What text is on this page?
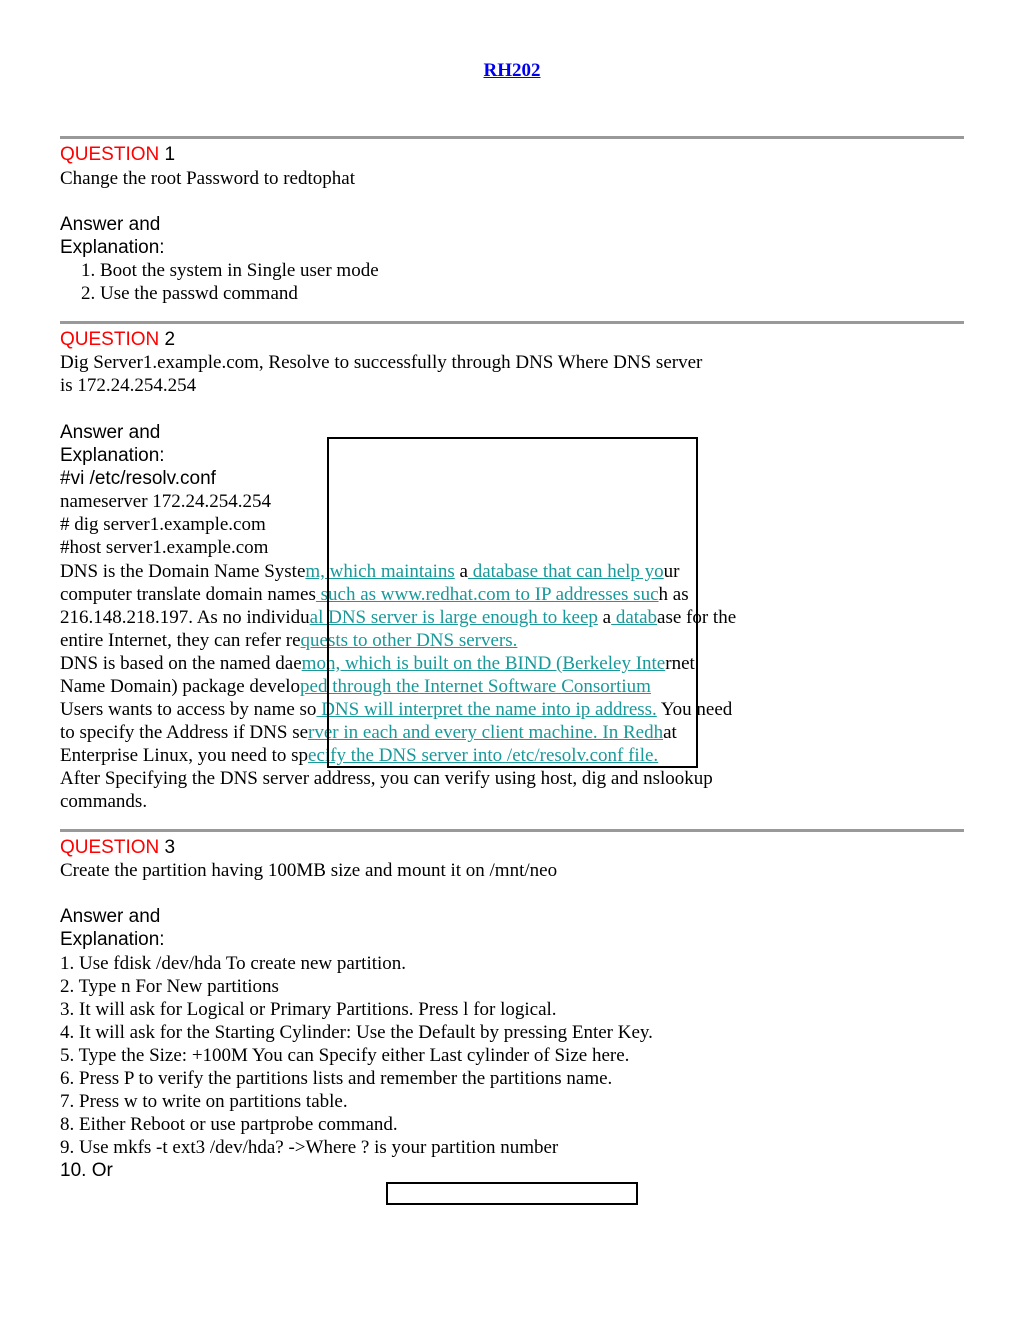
RH202
QUESTION 1
Change the root Password to redtophat
Answer and
Explanation:
1. Boot the system in Single user mode
2. Use the passwd command
QUESTION 2
Dig Server1.example.com, Resolve to successfully through DNS Where DNS server
is 172.24.254.254
Answer and
Explanation:
#vi /etc/resolv.conf
nameserver 172.24.254.254
# dig server1.example.com
#host server1.example.com
DNS is the Domain Name System, which maintains a database that can help your
computer translate domain names such as www.redhat.com to IP addresses such as
216.148.218.197. As no individual DNS server is large enough to keep a database for the
entire Internet, they can refer requests to other DNS servers.
DNS is based on the named daemon, which is built on the BIND (Berkeley Internet
Name Domain) package developed through the Internet Software Consortium
Users wants to access by name so DNS will interpret the name into ip address. You need
to specify the Address if DNS server in each and every client machine. In Redhat
Enterprise Linux, you need to specify the DNS server into /etc/resolv.conf file.
After Specifying the DNS server address, you can verify using host, dig and nslookup
commands.
QUESTION 3
Create the partition having 100MB size and mount it on /mnt/neo
Answer and
Explanation:
1. Use fdisk /dev/hda To create new partition.
2. Type n For New partitions
3. It will ask for Logical or Primary Partitions. Press l for logical.
4. It will ask for the Starting Cylinder: Use the Default by pressing Enter Key.
5. Type the Size: +100M You can Specify either Last cylinder of Size here.
6. Press P to verify the partitions lists and remember the partitions name.
7. Press w to write on partitions table.
8. Either Reboot or use partprobe command.
9. Use mkfs -t ext3 /dev/hda? ->Where ? is your partition number
10. Or
